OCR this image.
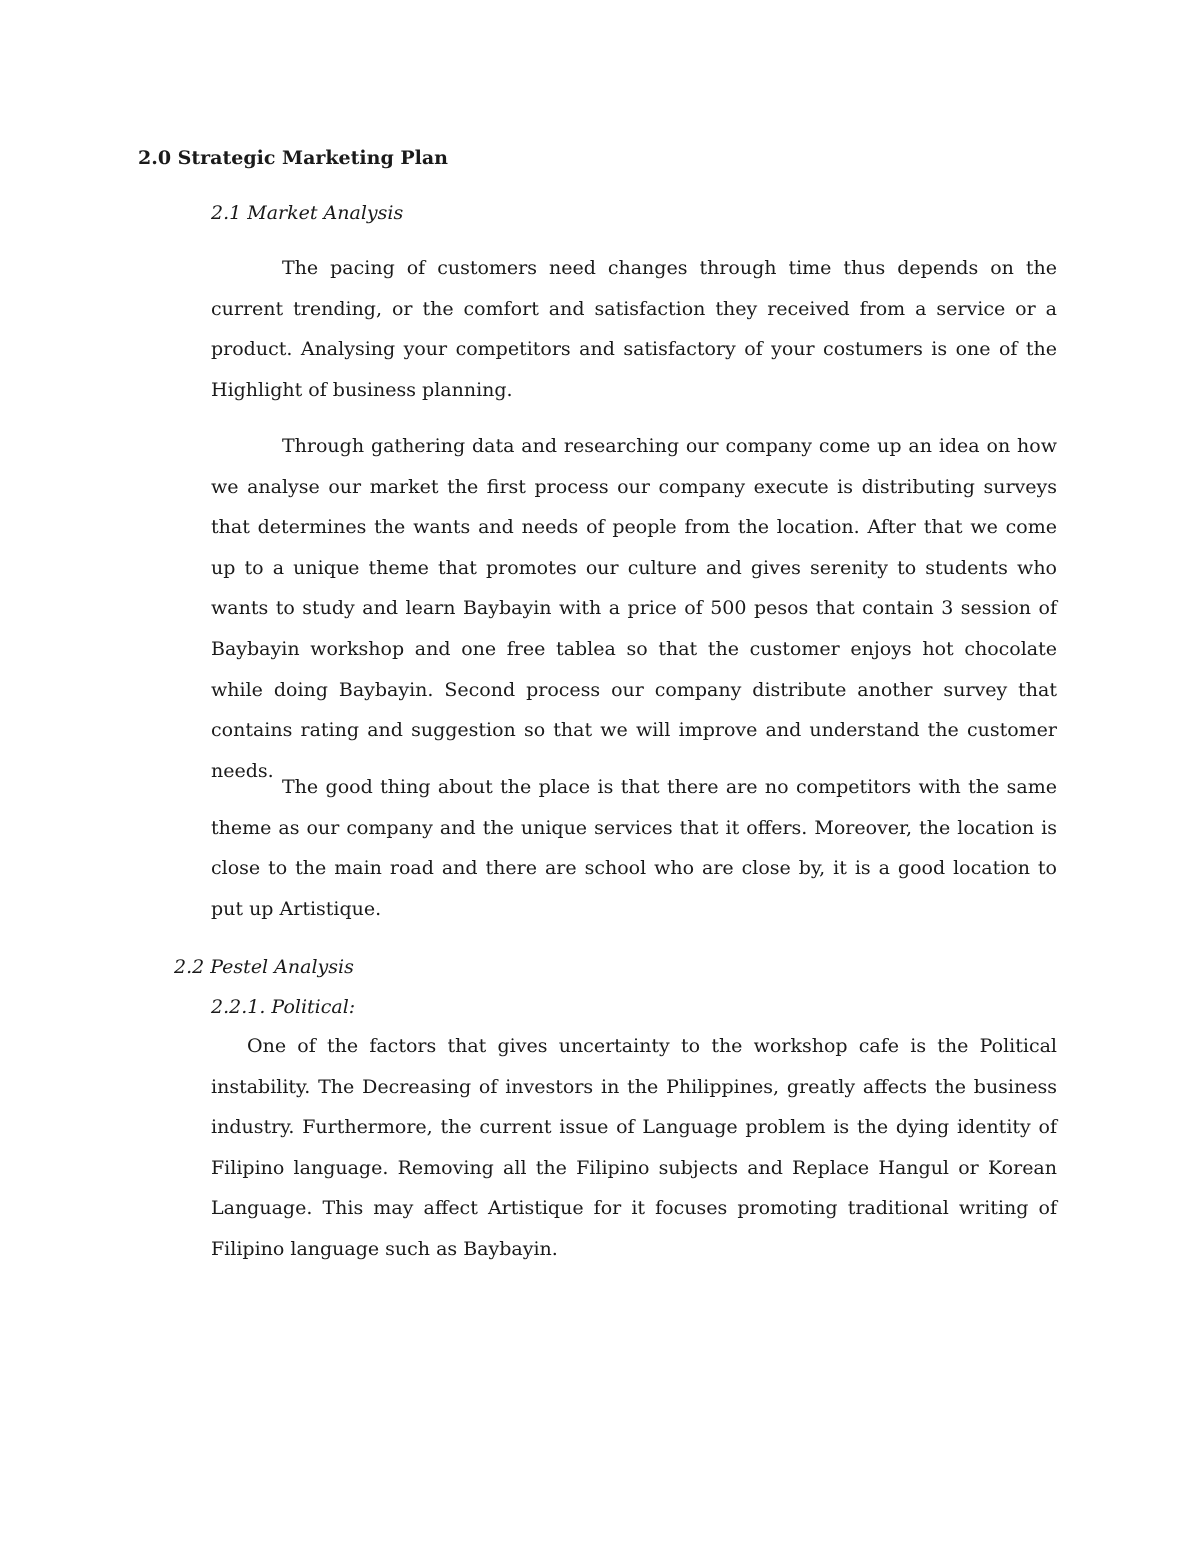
2.0 Strategic Marketing Plan
2.1 Market Analysis

The pacing of customers need changes through time thus depends on the current trending, or the comfort and satisfaction they received from a service or a product. Analysing your competitors and satisfactory of your costumers is one of the Highlight of business planning.

Through gathering data and researching our company come up an idea on how we analyse our market the first process our company execute is distributing surveys that determines the wants and needs of people from the location. After that we come up to a unique theme that promotes our culture and gives serenity to students who wants to study and learn Baybayin with a price of 500 pesos that contain 3 session of Baybayin workshop and one free tablea so that the customer enjoys hot chocolate while doing Baybayin. Second process our company distribute another survey that contains rating and suggestion so that we will improve and understand the customer needs.

The good thing about the place is that there are no competitors with the same theme as our company and the unique services that it offers. Moreover, the location is close to the main road and there are school who are close by, it is a good location to put up Artistique.

2.2 Pestel Analysis
2.2.1. Political:

One of the factors that gives uncertainty to the workshop cafe is the Political instability. The Decreasing of investors in the Philippines, greatly affects the business industry. Furthermore, the current issue of Language problem is the dying identity of Filipino language. Removing all the Filipino subjects and Replace Hangul or Korean Language. This may affect Artistique for it focuses promoting traditional writing of Filipino language such as Baybayin.
